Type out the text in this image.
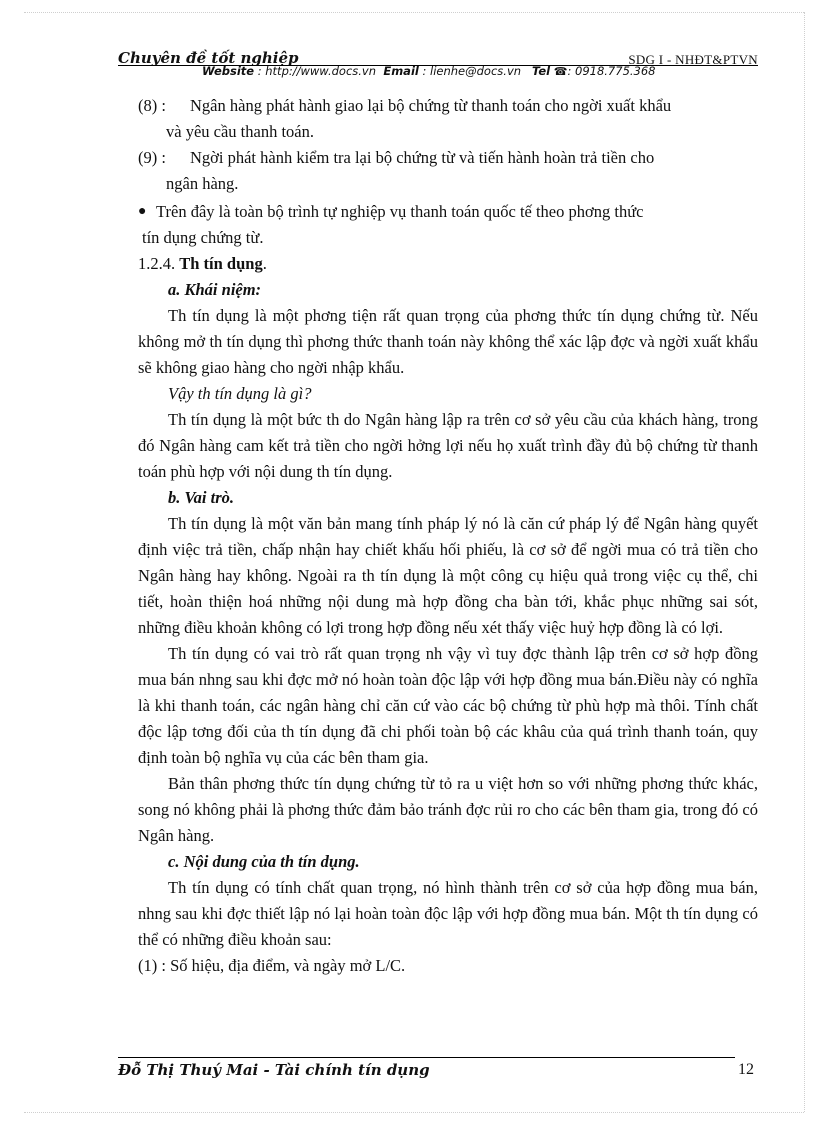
Chuyên đề tốt nghiệp	SDG I - NHĐT&PTVN
Website : http://www.docs.vn Email : lienhe@docs.vn Tel ☎: 0918.775.368
(8) :	Ngân hàng phát hành giao lại bộ chứng từ thanh toán cho ngời xuất khẩu

và yêu cầu thanh toán.

(9) :	Ngời phát hành kiểm tra lại bộ chứng từ và tiến hành hoàn trả tiền cho

ngân hàng.

● Trên đây là toàn bộ trình tự nghiệp vụ thanh toán quốc tế theo phơng thức

tín dụng chứng từ.

1.2.4. Th tín dụng.

a. Khái niệm:

Th tín dụng là một phơng tiện rất quan trọng của phơng thức tín dụng chứng từ. Nếu không mở th tín dụng thì phơng thức thanh toán này không thể xác lập đợc và ngời xuất khẩu sẽ không giao hàng cho ngời nhập khẩu.

Vậy th tín dụng là gì?

Th tín dụng là một bức th do Ngân hàng lập ra trên cơ sở yêu cầu của khách hàng, trong đó Ngân hàng cam kết trả tiền cho ngời hởng lợi nếu họ xuất trình đầy đủ bộ chứng từ thanh toán phù hợp với nội dung th tín dụng.

b. Vai trò.

Th tín dụng là một văn bản mang tính pháp lý nó là căn cứ pháp lý để Ngân hàng quyết định việc trả tiền, chấp nhận hay chiết khấu hối phiếu, là cơ sở để ngời mua có trả tiền cho Ngân hàng hay không. Ngoài ra th tín dụng là một công cụ hiệu quả trong việc cụ thể, chi tiết, hoàn thiện hoá những nội dung mà hợp đồng cha bàn tới, khắc phục những sai sót, những điều khoản không có lợi trong hợp đồng nếu xét thấy việc huỷ hợp đồng là có lợi.

Th tín dụng có vai trò rất quan trọng nh vậy vì tuy đợc thành lập trên cơ sở hợp đồng mua bán nhng sau khi đợc mở nó hoàn toàn độc lập với hợp đồng mua bán.Điều này có nghĩa là khi thanh toán, các ngân hàng chỉ căn cứ vào các bộ chứng từ phù hợp mà thôi. Tính chất độc lập tơng đối của th tín dụng đã chi phối toàn bộ các khâu của quá trình thanh toán, quy định toàn bộ nghĩa vụ của các bên tham gia.

Bản thân phơng thức tín dụng chứng từ tỏ ra u việt hơn so với những phơng thức khác, song nó không phải là phơng thức đảm bảo tránh đợc rủi ro cho các bên tham gia, trong đó có Ngân hàng.

c. Nội dung của th tín dụng.

Th tín dụng có tính chất quan trọng, nó hình thành trên cơ sở của hợp đồng mua bán, nhng sau khi đợc thiết lập nó lại hoàn toàn độc lập với hợp đồng mua bán. Một th tín dụng có thể có những điều khoản sau:

(1) : Số hiệu, địa điểm, và ngày mở L/C.

Đỗ Thị Thuý Mai - Tài chính tín dụng	12
